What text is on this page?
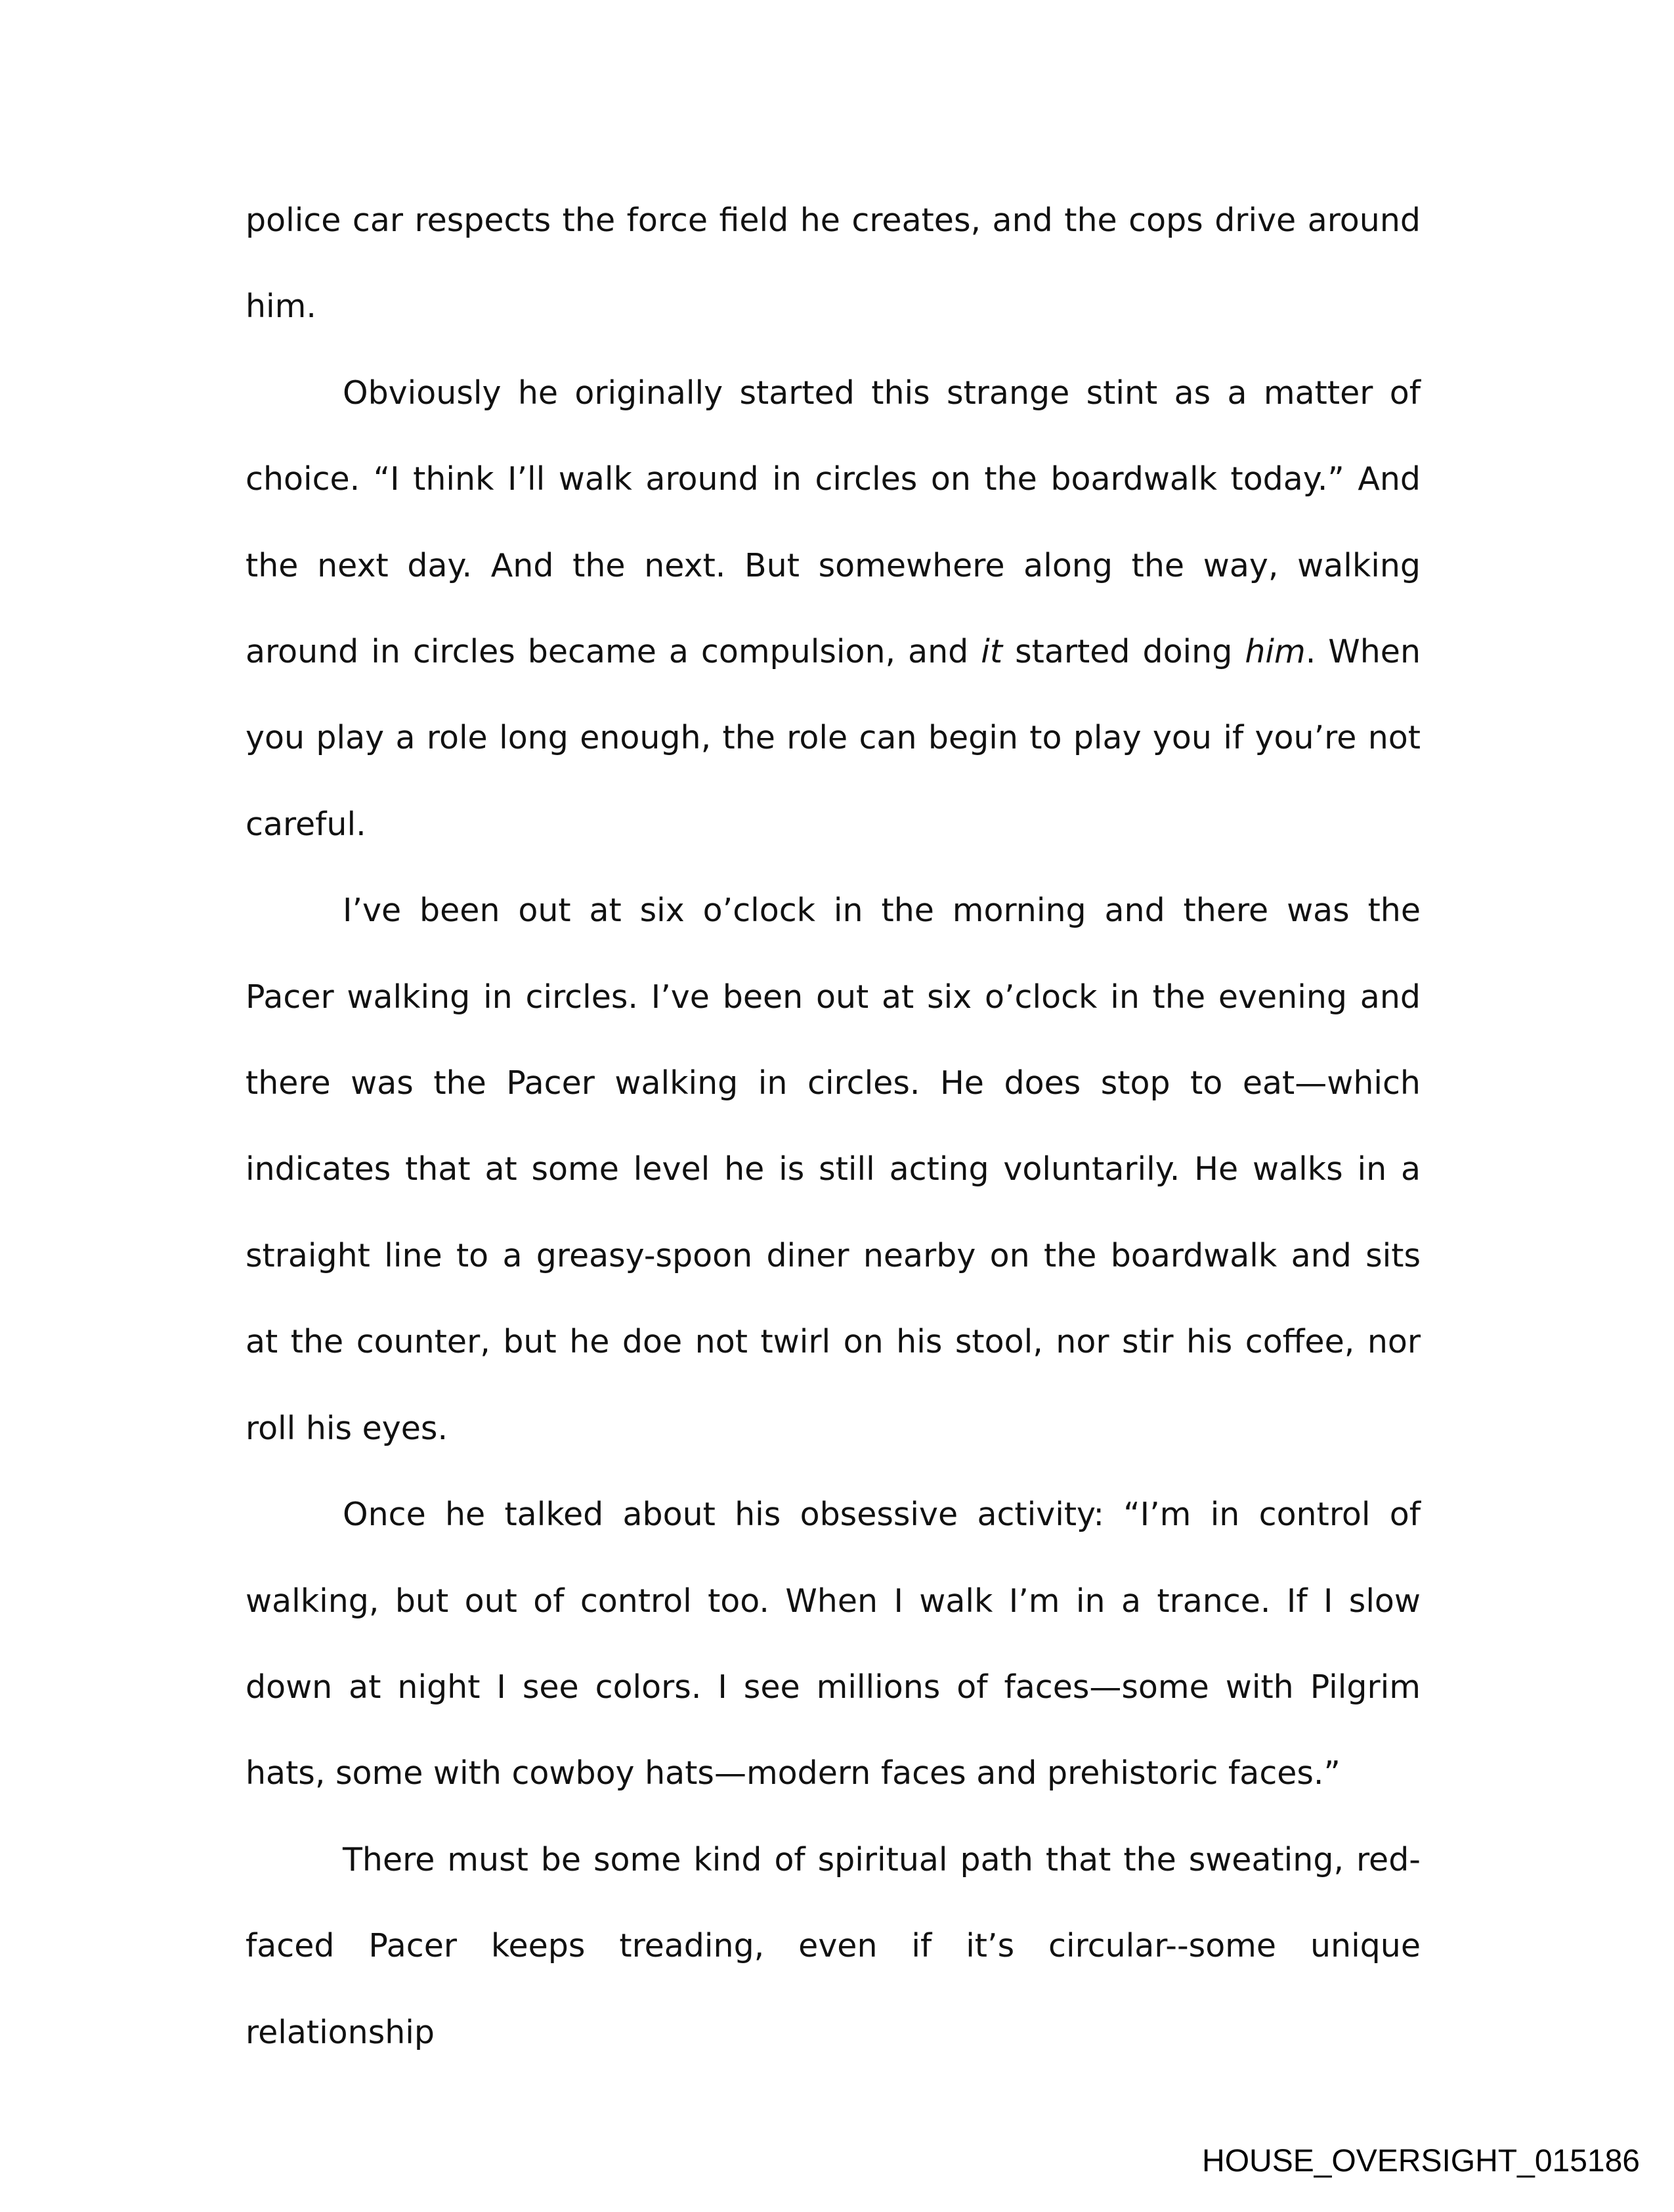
police car respects the force field he creates, and the cops drive around him.

Obviously he originally started this strange stint as a matter of choice. “I think I’ll walk around in circles on the boardwalk today.” And the next day. And the next. But somewhere along the way, walking around in circles became a compulsion, and it started doing him. When you play a role long enough, the role can begin to play you if you’re not careful.

I’ve been out at six o’clock in the morning and there was the Pacer walking in circles. I’ve been out at six o’clock in the evening and there was the Pacer walking in circles. He does stop to eat—which indicates that at some level he is still acting voluntarily. He walks in a straight line to a greasy-spoon diner nearby on the boardwalk and sits at the counter, but he doe not twirl on his stool, nor stir his coffee, nor roll his eyes.

Once he talked about his obsessive activity: “I’m in control of walking, but out of control too. When I walk I’m in a trance. If I slow down at night I see colors. I see millions of faces—some with Pilgrim hats, some with cowboy hats—modern faces and prehistoric faces.”

There must be some kind of spiritual path that the sweating, red-faced Pacer keeps treading, even if it’s circular--some unique relationship

HOUSE_OVERSIGHT_015186
